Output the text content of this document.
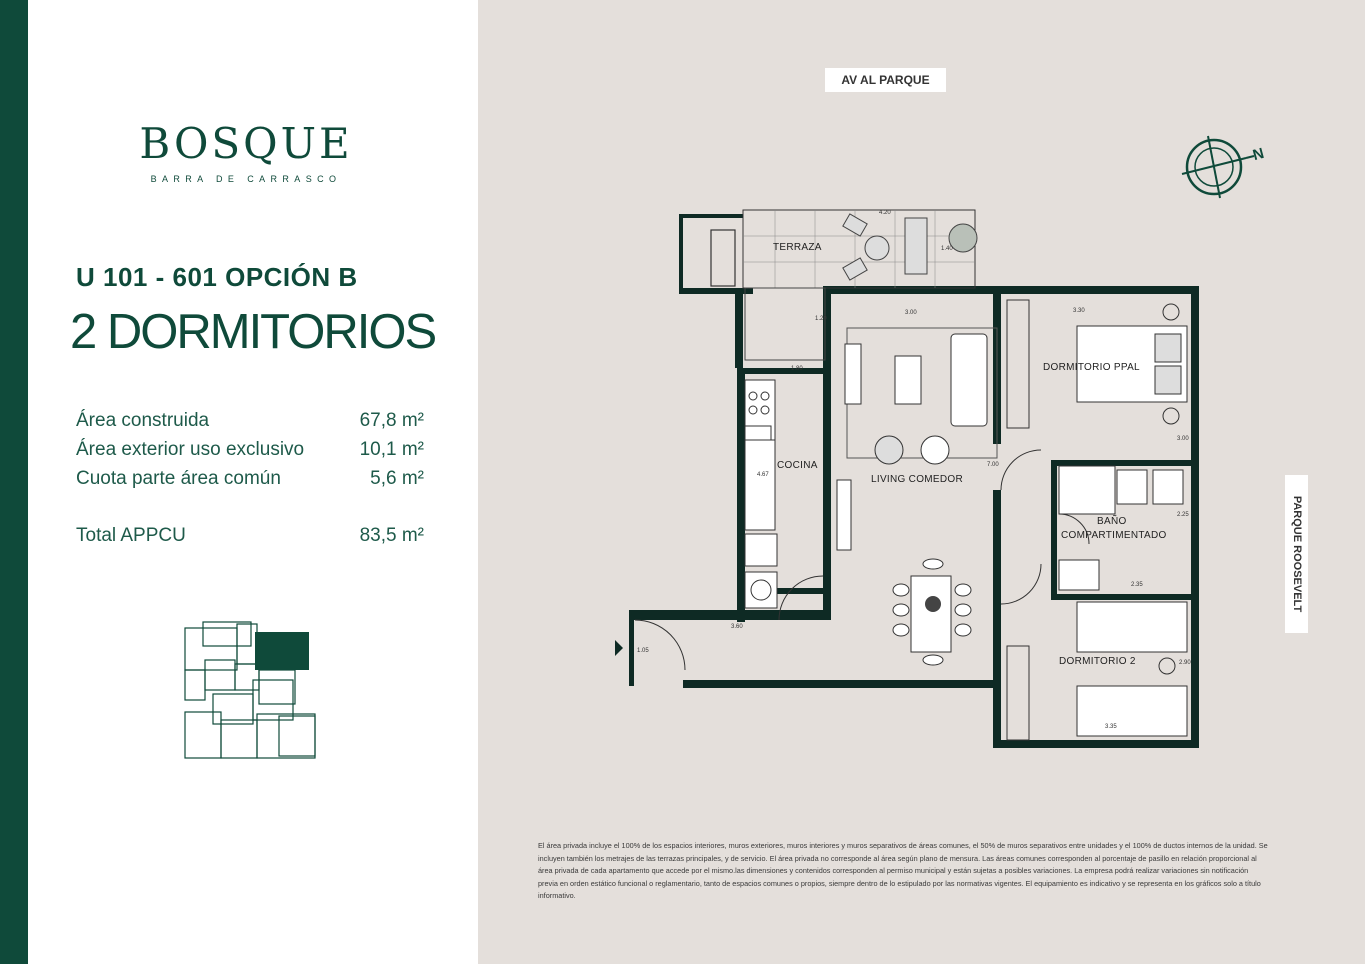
BOSQUE
BARRA DE CARRASCO
U 101 - 601 OPCIÓN B
2 DORMITORIOS
Área construida	67,8 m²
Área exterior uso exclusivo	10,1 m²
Cuota parte área común	5,6 m²
Total APPCU	83,5 m²
AV AL PARQUE
PARQUE ROOSEVELT
N
TERRAZA
COCINA
LIVING COMEDOR
DORMITORIO PPAL
BAÑO
COMPARTIMENTADO
DORMITORIO 2
4.20
1.40
1.20
3.00
1.80
4.67
3.60
1.05
7.00
3.30
3.00
2.25
2.35
2.90
3.35
El área privada incluye el 100% de los espacios interiores, muros exteriores, muros interiores y muros separativos de áreas comunes, el 50% de muros separativos entre unidades y el 100% de ductos internos de la unidad. Se incluyen también los metrajes de las terrazas principales, y de servicio. El área privada no corresponde al área según plano de mensura. Las áreas comunes corresponden al porcentaje de pasillo en relación proporcional al área privada de cada apartamento que accede por el mismo.las dimensiones y contenidos corresponden al permiso municipal y están sujetas a posibles variaciones. La empresa podrá realizar variaciones sin notificación previa en orden estático funcional o reglamentario, tanto de espacios comunes o propios, siempre dentro de lo estipulado por las normativas vigentes. El equipamiento es indicativo y se representa en los gráficos solo a título informativo.
